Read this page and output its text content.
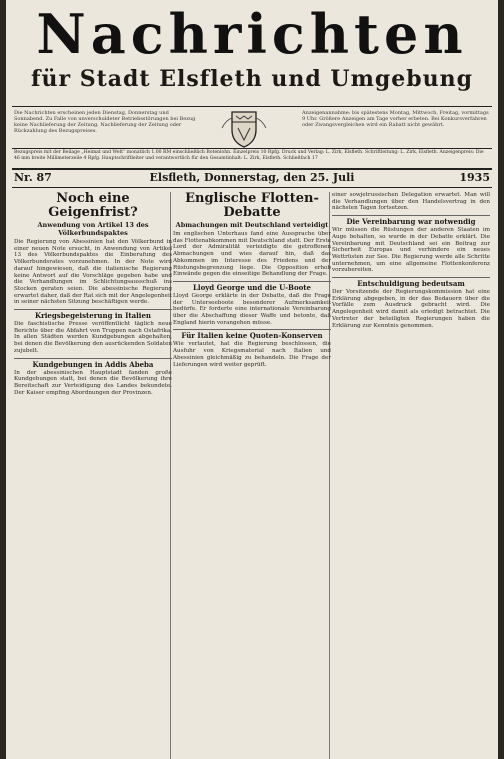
Nachrichten
für Stadt Elsfleth und Umgebung
Die Nachrichten erscheinen jeden Dienstag, Donnerstag und Sonnabend. Zu Falle von unverschuldeter Betriebsstörungen bei Bezug keine Nachlieferung der Zeitung. Nachlieferung der Zeitung oder Rückzahlung des Bezugspreises.
Anzeigenannahme: bis spätestens Montag, Mittwoch, Freitag, vormittags 9 Uhr. Größere Anzeigen am Tage vorher erbeten. Bei Konkursverfahren oder Zwangsvergleichen wird ein Rabatt nicht gewährt.
Bezugspreis mit der Beilage „Heimat und Welt“ monatlich 1.00 RM einschließlich Botenlohn. Einzelpreis 10 Rpfg. Druck und Verlag: L. Zirk, Elsfleth. Schriftleitung: L. Zirk, Elsfleth. Anzeigenpreis: Die 46 mm breite Millimeterzeile 4 Rpfg. Hauptschriftleiter und verantwortlich für den Gesamtinhalt: L. Zirk, Elsfleth. Schließfach 17
Nr. 87	Elsfleth, Donnerstag, den 25. Juli	1935
Noch eine Geigenfrist?
Anwendung von Artikel 13 des Völkerbundspaktes

Die Regierung von Abessinien hat den Völkerbund in einer neuen Note ersucht, in Anwendung von Artikel 13 des Völkerbundspaktes die Einberufung des Völkerbundsrates vorzunehmen. In der Note wird darauf hingewiesen, daß die italienische Regierung keine Antwort auf die Vorschläge gegeben habe und die Verhandlungen im Schlichtungsausschuß ins Stocken geraten seien. Die abessinische Regierung erwartet daher, daß der Rat sich mit der Angelegenheit in seiner nächsten Sitzung beschäftigen werde.

Kriegsbegeisterung in Italien

Die faschistische Presse veröffentlicht täglich neue Berichte über die Abfahrt von Truppen nach Ostafrika. In allen Städten werden Kundgebungen abgehalten, bei denen die Bevölkerung den ausrückenden Soldaten zujubelt.

Kundgebungen in Addis Abeba

In der abessinischen Hauptstadt fanden große Kundgebungen statt, bei denen die Bevölkerung ihre Bereitschaft zur Verteidigung des Landes bekundete. Der Kaiser empfing Abordnungen der Provinzen.

Englische Flotten-Debatte
Abmachungen mit Deutschland verteidigt

Im englischen Unterhaus fand eine Aussprache über das Flottenabkommen mit Deutschland statt. Der Erste Lord der Admiralität verteidigte die getroffenen Abmachungen und wies darauf hin, daß das Abkommen im Interesse des Friedens und der Rüstungsbegrenzung liege. Die Opposition erhob Einwände gegen die einseitige Behandlung der Frage.

Lloyd George und die U-Boote

Lloyd George erklärte in der Debatte, daß die Frage der Unterseeboote besonderer Aufmerksamkeit bedürfe. Er forderte eine internationale Vereinbarung über die Abschaffung dieser Waffe und betonte, daß England hierin vorangehen müsse.

Für Italien keine Quoten-Konserven

Wie verlautet, hat die Regierung beschlossen, die Ausfuhr von Kriegsmaterial nach Italien und Abessinien gleichmäßig zu behandeln. Die Frage der Lieferungen wird weiter geprüft.

einer sowjetrussischen Delegation erwartet. Man will die Verhandlungen über den Handelsvertrag in den nächsten Tagen fortsetzen.

Die Vereinbarung war notwendig

Wir müssen die Rüstungen der anderen Staaten im Auge behalten, so wurde in der Debatte erklärt. Die Vereinbarung mit Deutschland sei ein Beitrag zur Sicherheit Europas und verhindere ein neues Wettrüsten zur See. Die Regierung werde alle Schritte unternehmen, um eine allgemeine Flottenkonferenz vorzubereiten.

Entschuldigung bedeutsam

Der Vorsitzende der Regierungskommission hat eine Erklärung abgegeben, in der das Bedauern über die Vorfälle zum Ausdruck gebracht wird. Die Angelegenheit wird damit als erledigt betrachtet. Die Vertreter der beteiligten Regierungen haben die Erklärung zur Kenntnis genommen.
